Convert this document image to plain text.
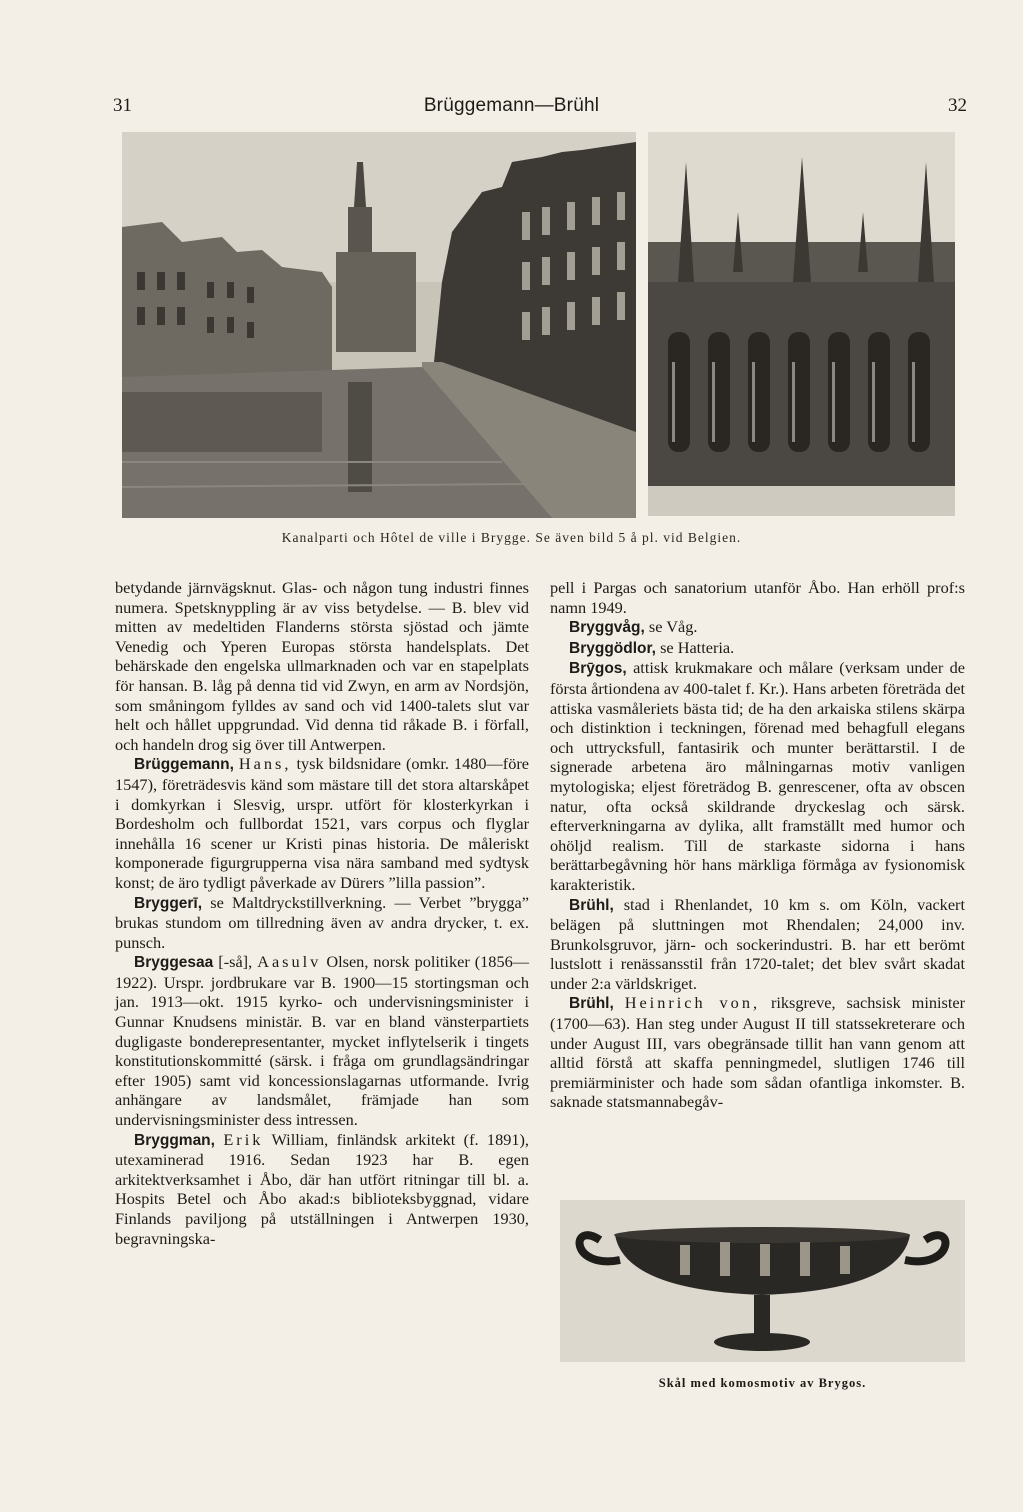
31	Brüggemann—Brühl	32
Kanalparti och Hôtel de ville i Brygge. Se även bild 5 å pl. vid Belgien.

betydande järnvägsknut. Glas- och någon tung industri finnes numera. Spetsknyppling är av viss betydelse. — B. blev vid mitten av medeltiden Flanderns största sjöstad och jämte Venedig och Yperen Europas största handelsplats. Det behärskade den engelska ullmarknaden och var en stapelplats för hansan. B. låg på denna tid vid Zwyn, en arm av Nordsjön, som småningom fylldes av sand och vid 1400-talets slut var helt och hållet uppgrundad. Vid denna tid råkade B. i förfall, och handeln drog sig över till Antwerpen.

Brüggemann, Hans, tysk bildsnidare (omkr. 1480—före 1547), företrädesvis känd som mästare till det stora altarskåpet i domkyrkan i Slesvig, urspr. utfört för klosterkyrkan i Bordesholm och fullbordat 1521, vars corpus och flyglar innehålla 16 scener ur Kristi pinas historia. De måleriskt komponerade figurgrupperna visa nära samband med sydtysk konst; de äro tydligt påverkade av Dürers ”lilla passion”.

Bryggerī, se Maltdryckstillverkning. — Verbet ”brygga” brukas stundom om tillredning även av andra drycker, t. ex. punsch.

Bryggesaa [-så], Aasulv Olsen, norsk politiker (1856—1922). Urspr. jordbrukare var B. 1900—15 stortingsman och jan. 1913—okt. 1915 kyrko- och undervisningsminister i Gunnar Knudsens ministär. B. var en bland vänsterpartiets dugligaste bonderepresentanter, mycket inflytelserik i tingets konstitutionskommitté (särsk. i fråga om grundlagsändringar efter 1905) samt vid koncessionslagarnas utformande. Ivrig anhängare av landsmålet, främjade han som undervisningsminister dess intressen.

Bryggman, Erik William, finländsk arkitekt (f. 1891), utexaminerad 1916. Sedan 1923 har B. egen arkitektverksamhet i Åbo, där han utfört ritningar till bl. a. Hospits Betel och Åbo akad:s biblioteksbyggnad, vidare Finlands paviljong på utställningen i Antwerpen 1930, begravningska-

pell i Pargas och sanatorium utanför Åbo. Han erhöll prof:s namn 1949.

Bryggvåg, se Våg.

Bryggödlor, se Hatteria.

Brȳgos, attisk krukmakare och målare (verksam under de första årtiondena av 400-talet f. Kr.). Hans arbeten företräda det attiska vasmåleriets bästa tid; de ha den arkaiska stilens skärpa och distinktion i teckningen, förenad med behagfull elegans och uttrycksfull, fantasirik och munter berättarstil. I de signerade arbetena äro målningarnas motiv vanligen mytologiska; eljest företrädog B. genrescener, ofta av obscen natur, ofta också skildrande dryckeslag och särsk. efterverkningarna av dylika, allt framställt med humor och ohöljd realism. Till de starkaste sidorna i hans berättarbegåvning hör hans märkliga förmåga av fysionomisk karakteristik.

Brühl, stad i Rhenlandet, 10 km s. om Köln, vackert belägen på sluttningen mot Rhendalen; 24,000 inv. Brunkolsgruvor, järn- och sockerindustri. B. har ett berömt lustslott i renässansstil från 1720-talet; det blev svårt skadat under 2:a världskriget.

Brühl, Heinrich von, riksgreve, sachsisk minister (1700—63). Han steg under August II till statssekreterare och under August III, vars obegränsade tillit han vann genom att alltid förstå att skaffa penningmedel, slutligen 1746 till premiärminister och hade som sådan ofantliga inkomster. B. saknade statsmannabegåv-

Skål med komosmotiv av Brygos.
